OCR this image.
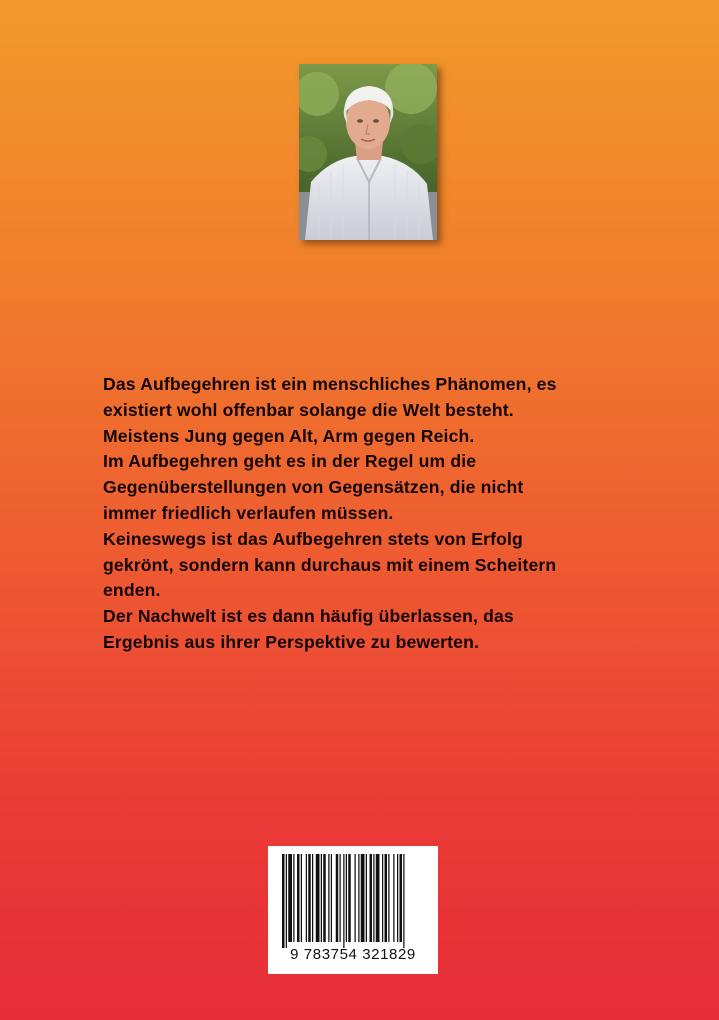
Das Aufbegehren ist ein menschliches Phänomen, es
existiert wohl offenbar solange die Welt besteht.
Meistens Jung gegen Alt, Arm gegen Reich.
Im Aufbegehren geht es in der Regel um die
Gegenüberstellungen von Gegensätzen, die nicht
immer friedlich verlaufen müssen.
Keineswegs ist das Aufbegehren stets von Erfolg
gekrönt, sondern kann durchaus mit einem Scheitern
enden.
Der Nachwelt ist es dann häufig überlassen, das
Ergebnis aus ihrer Perspektive zu bewerten.
9 783754 321829
